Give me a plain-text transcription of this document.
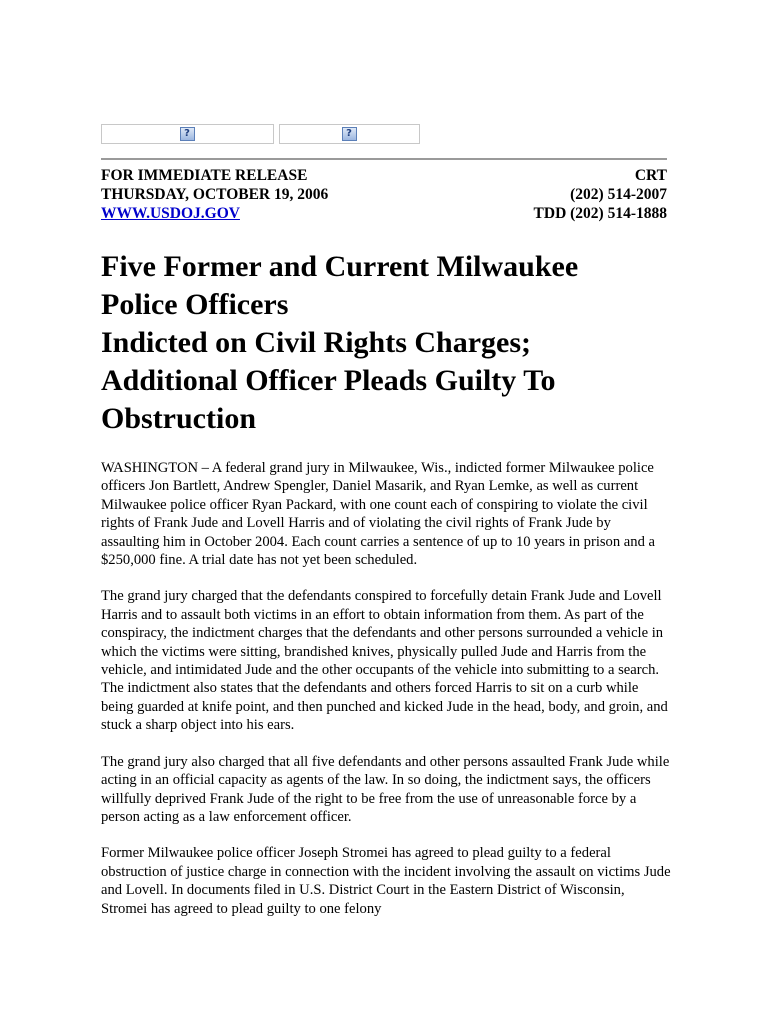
?	?
FOR IMMEDIATE RELEASE	CRT
THURSDAY, OCTOBER 19, 2006	(202) 514-2007
WWW.USDOJ.GOV	TDD (202) 514-1888
Five Former and Current Milwaukee
Police Officers
Indicted on Civil Rights Charges;
Additional Officer Pleads Guilty To
Obstruction

WASHINGTON – A federal grand jury in Milwaukee, Wis., indicted former Milwaukee police officers Jon Bartlett, Andrew Spengler, Daniel Masarik, and Ryan Lemke, as well as current Milwaukee police officer Ryan Packard, with one count each of conspiring to violate the civil rights of Frank Jude and Lovell Harris and of violating the civil rights of Frank Jude by assaulting him in October 2004. Each count carries a sentence of up to 10 years in prison and a $250,000 fine. A trial date has not yet been scheduled.

The grand jury charged that the defendants conspired to forcefully detain Frank Jude and Lovell Harris and to assault both victims in an effort to obtain information from them. As part of the conspiracy, the indictment charges that the defendants and other persons surrounded a vehicle in which the victims were sitting, brandished knives, physically pulled Jude and Harris from the vehicle, and intimidated Jude and the other occupants of the vehicle into submitting to a search. The indictment also states that the defendants and others forced Harris to sit on a curb while being guarded at knife point, and then punched and kicked Jude in the head, body, and groin, and stuck a sharp object into his ears.

The grand jury also charged that all five defendants and other persons assaulted Frank Jude while acting in an official capacity as agents of the law. In so doing, the indictment says, the officers willfully deprived Frank Jude of the right to be free from the use of unreasonable force by a person acting as a law enforcement officer.

Former Milwaukee police officer Joseph Stromei has agreed to plead guilty to a federal obstruction of justice charge in connection with the incident involving the assault on victims Jude and Lovell. In documents filed in U.S. District Court in the Eastern District of Wisconsin, Stromei has agreed to plead guilty to one felony
